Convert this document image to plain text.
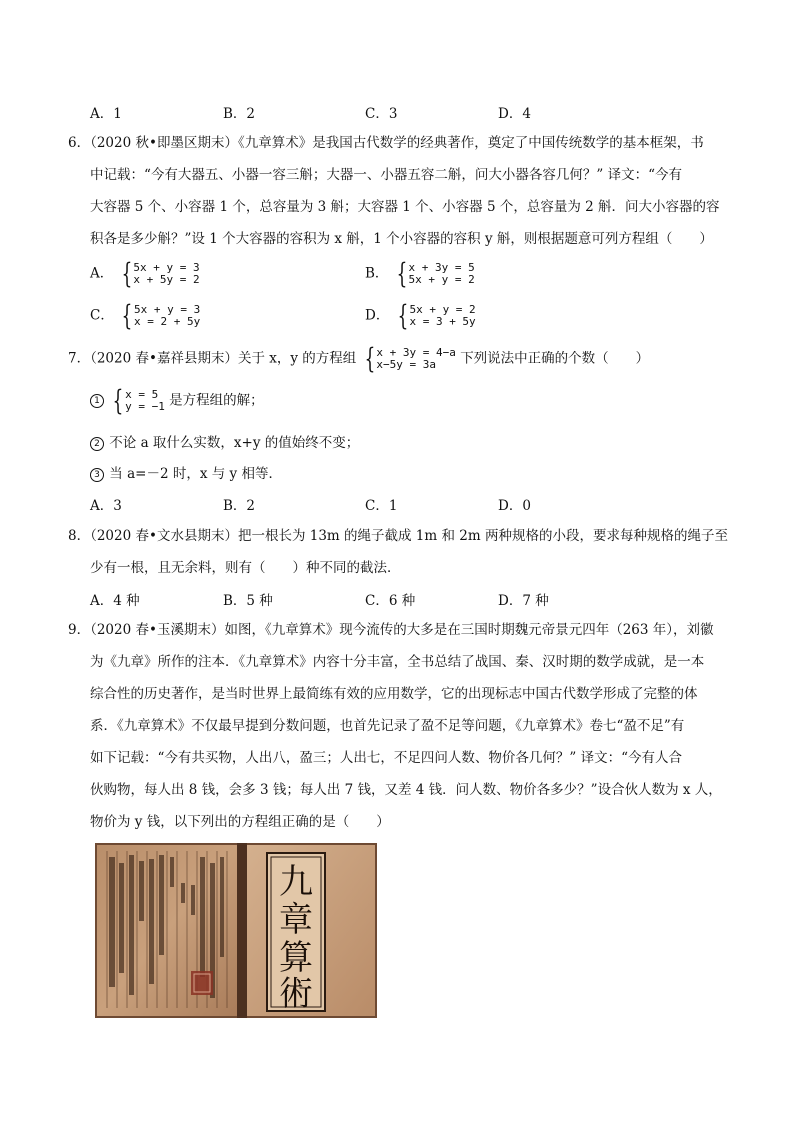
A．1	B．2	C．3	D．4
6．（2020 秋•即墨区期末）《九章算术》是我国古代数学的经典著作，奠定了中国传统数学的基本框架，书
中记载：“今有大器五、小器一容三斛；大器一、小器五容二斛，问大小器各容几何？” 译文：“今有
大容器 5 个、小容器 1 个，总容量为 3 斛；大容器 1 个、小容器 5 个，总容量为 2 斛．问大小容器的容
积各是多少斛？”设 1 个大容器的容积为 x 斛，1 个小容器的容积 y 斛，则根据题意可列方程组（　　）
A． { 5x + y = 3
x + 5y = 2	B． { x + 3y = 5
5x + y = 2
C． { 5x + y = 3
x = 2 + 5y	D． { 5x + y = 2
x = 3 + 5y
7．（2020 春•嘉祥县期末）关于 x，y 的方程组 { x + 3y = 4−a
x−5y = 3a	下列说法中正确的个数（　　）
1 { x = 5
y = −1 是方程组的解；
2 不论 a 取什么实数，x+y 的值始终不变；
3 当 a=－2 时，x 与 y 相等．
A．3	B．2	C．1	D．0
8．（2020 春•文水县期末）把一根长为 13m 的绳子截成 1m 和 2m 两种规格的小段，要求每种规格的绳子至
少有一根，且无余料，则有（　　）种不同的截法．
A．4 种	B．5 种	C．6 种	D．7 种
9．（2020 春•玉溪期末）如图，《九章算术》现今流传的大多是在三国时期魏元帝景元四年（263 年），刘徽
为《九章》所作的注本．《九章算术》内容十分丰富，全书总结了战国、秦、汉时期的数学成就，是一本
综合性的历史著作，是当时世界上最简练有效的应用数学，它的出现标志中国古代数学形成了完整的体
系．《九章算术》不仅最早提到分数问题，也首先记录了盈不足等问题，《九章算术》卷七“盈不足”有
如下记载：“今有共买物，人出八，盈三；人出七，不足四问人数、物价各几何？” 译文：“今有人合
伙购物，每人出 8 钱，会多 3 钱；每人出 7 钱，又差 4 钱．问人数、物价各多少？”设合伙人数为 x 人，
物价为 y 钱，以下列出的方程组正确的是（　　）
九
章
算
術
